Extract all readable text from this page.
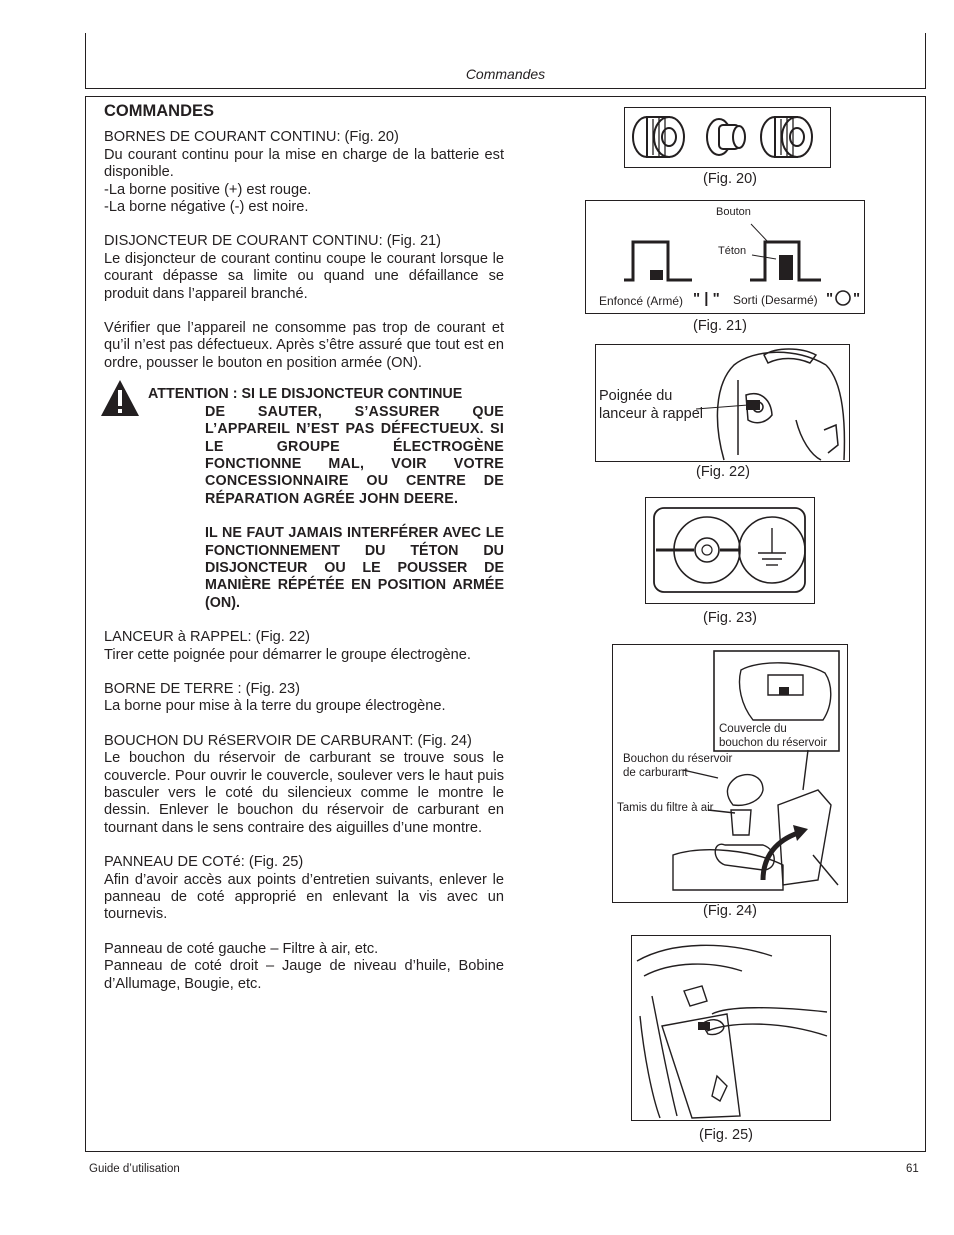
Commandes

COMMANDES

BORNES DE COURANT CONTINU: (Fig. 20)

Du courant continu pour la mise en charge de la batterie est disponible.

-La borne positive (+) est rouge.

-La borne négative (-) est noire.

DISJONCTEUR DE COURANT CONTINU: (Fig. 21)

Le disjoncteur de courant continu coupe le courant lorsque le courant dépasse sa limite ou quand une défaillance se produit dans l’appareil branché.

Vérifier que l’appareil ne consomme pas trop de courant et qu’il n’est pas défectueux. Après s’être assuré que tout est en ordre, pousser le bouton en position armée (ON).

ATTENTION : SI LE DISJONCTEUR CONTINUE

DE SAUTER, S’ASSURER QUE L’APPAREIL N’EST PAS DÉFECTUEUX. SI LE GROUPE ÉLECTROGÈNE FONCTIONNE MAL, VOIR VOTRE CONCESSIONNAIRE OU CENTRE DE RÉPARATION AGRÉE JOHN DEERE.

IL NE FAUT JAMAIS INTERFÉRER AVEC LE FONCTIONNEMENT DU TÉTON DU DISJONCTEUR OU LE POUSSER DE MANIÈRE RÉPÉTÉE EN POSITION ARMÉE (ON).

LANCEUR à RAPPEL: (Fig. 22)

Tirer cette poignée pour démarrer le groupe électrogène.

BORNE DE TERRE : (Fig. 23)

La borne pour mise à la terre du groupe électrogène.

BOUCHON DU RéSERVOIR DE CARBURANT: (Fig. 24)

Le bouchon du réservoir de carburant se trouve sous le couvercle. Pour ouvrir le couvercle, soulever vers le haut puis basculer vers le coté du silencieux comme le montre le dessin. Enlever le bouchon du réservoir de carburant en tournant dans le sens contraire des aiguilles d’une montre.

PANNEAU DE COTé: (Fig. 25)

Afin d’avoir accès aux points d’entretien suivants, enlever le panneau de coté approprié en enlevant la vis avec un tournevis.

Panneau de coté gauche – Filtre à air, etc.

Panneau de coté droit – Jauge de niveau d’huile, Bobine d’Allumage, Bougie, etc.

(Fig. 20)
Bouton
Téton
Enfoncé (Armé) " | " Sorti (Desarmé) " "
(Fig. 21)
Poignée du
lanceur à rappel
(Fig. 22)
(Fig. 23)
Couvercle du
bouchon du réservoir
Bouchon du réservoir
de carburant
Tamis du filtre à air
(Fig. 24)
(Fig. 25)
Guide d’utilisation	61
